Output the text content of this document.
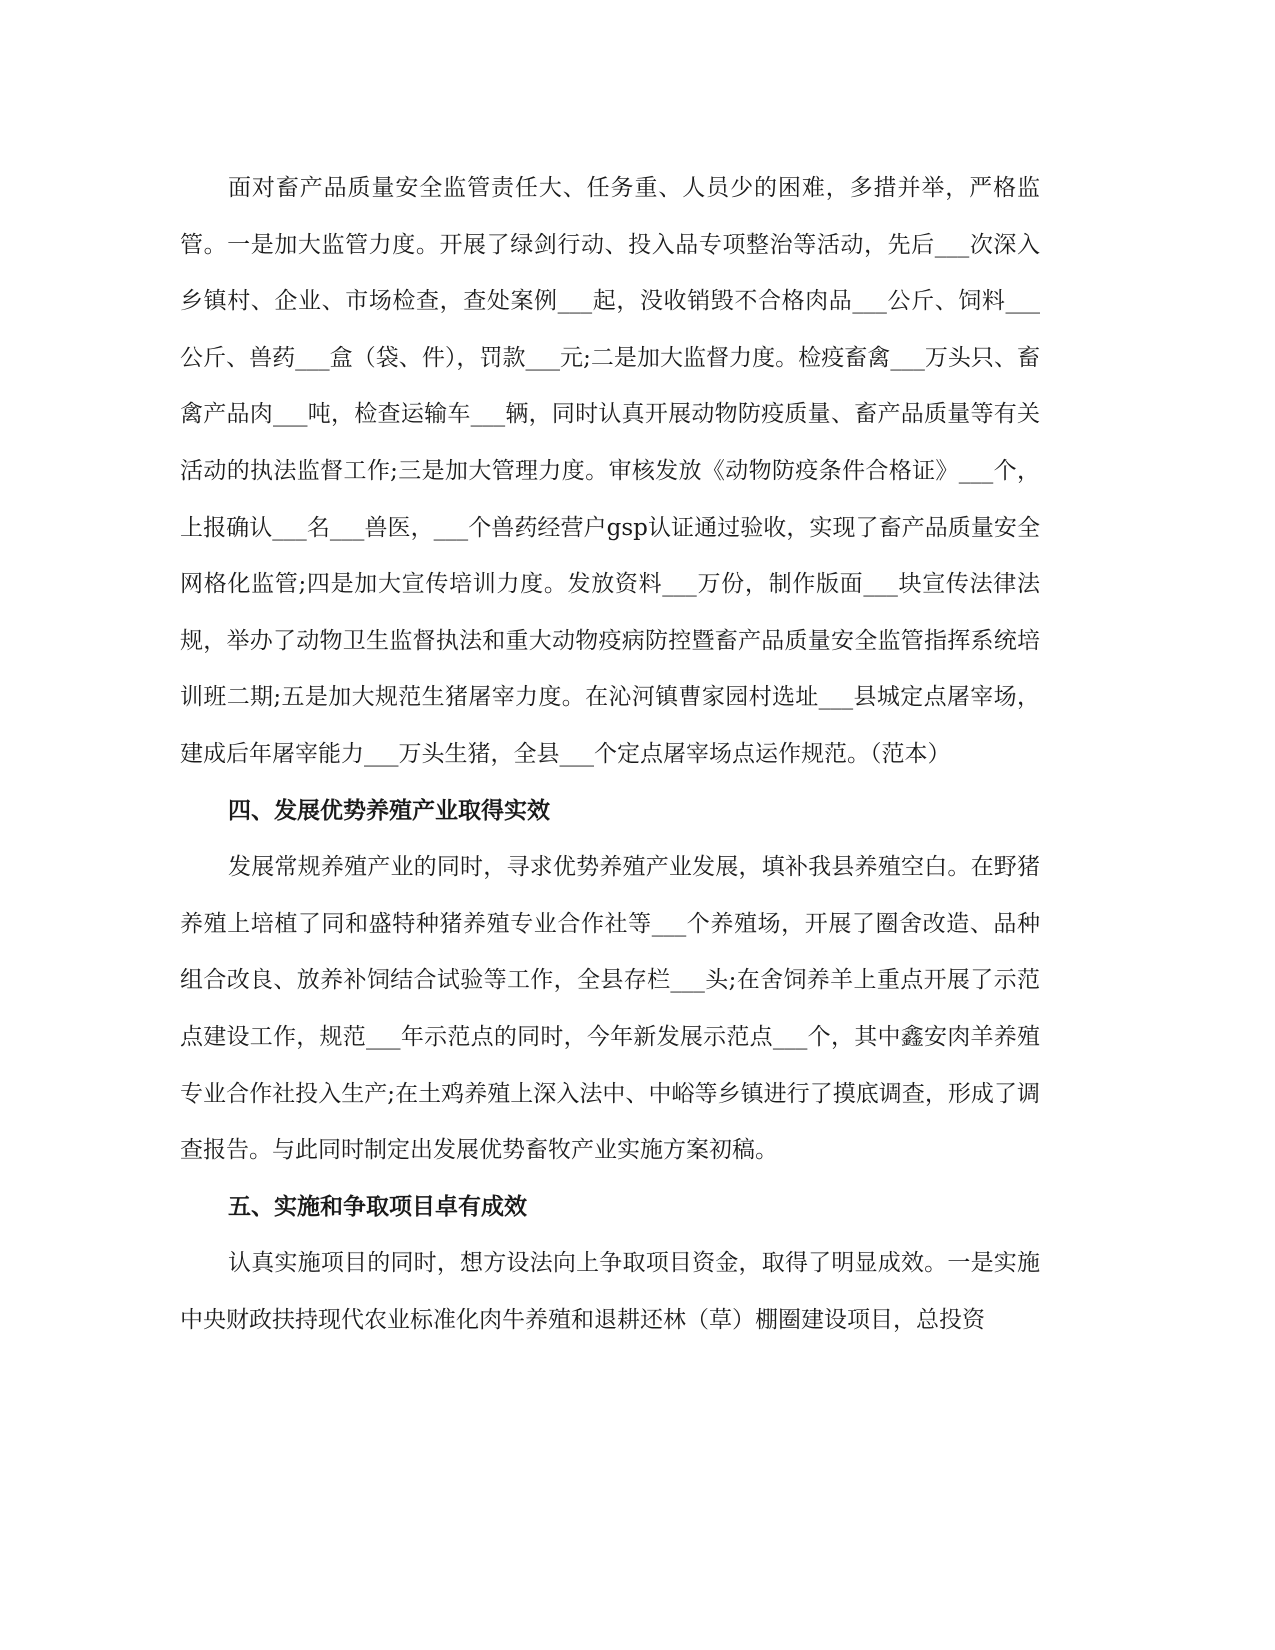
面对畜产品质量安全监管责任大、任务重、人员少的困难，多措并举，严格监管。一是加大监管力度。开展了绿剑行动、投入品专项整治等活动，先后___次深入乡镇村、企业、市场检查，查处案例___起，没收销毁不合格肉品___公斤、饲料___公斤、兽药___盒（袋、件），罚款___元;二是加大监督力度。检疫畜禽___万头只、畜禽产品肉___吨，检查运输车___辆，同时认真开展动物防疫质量、畜产品质量等有关活动的执法监督工作;三是加大管理力度。审核发放《动物防疫条件合格证》___个，上报确认___名___兽医，___个兽药经营户gsp认证通过验收，实现了畜产品质量安全网格化监管;四是加大宣传培训力度。发放资料___万份，制作版面___块宣传法律法规，举办了动物卫生监督执法和重大动物疫病防控暨畜产品质量安全监管指挥系统培训班二期;五是加大规范生猪屠宰力度。在沁河镇曹家园村选址___县城定点屠宰场，建成后年屠宰能力___万头生猪，全县___个定点屠宰场点运作规范。（范本）

四、发展优势养殖产业取得实效

发展常规养殖产业的同时，寻求优势养殖产业发展，填补我县养殖空白。在野猪养殖上培植了同和盛特种猪养殖专业合作社等___个养殖场，开展了圈舍改造、品种组合改良、放养补饲结合试验等工作，全县存栏___头;在舍饲养羊上重点开展了示范点建设工作，规范___年示范点的同时，今年新发展示范点___个，其中鑫安肉羊养殖专业合作社投入生产;在土鸡养殖上深入法中、中峪等乡镇进行了摸底调查，形成了调查报告。与此同时制定出发展优势畜牧产业实施方案初稿。

五、实施和争取项目卓有成效

认真实施项目的同时，想方设法向上争取项目资金，取得了明显成效。一是实施中央财政扶持现代农业标准化肉牛养殖和退耕还林（草）棚圈建设项目，总投资
